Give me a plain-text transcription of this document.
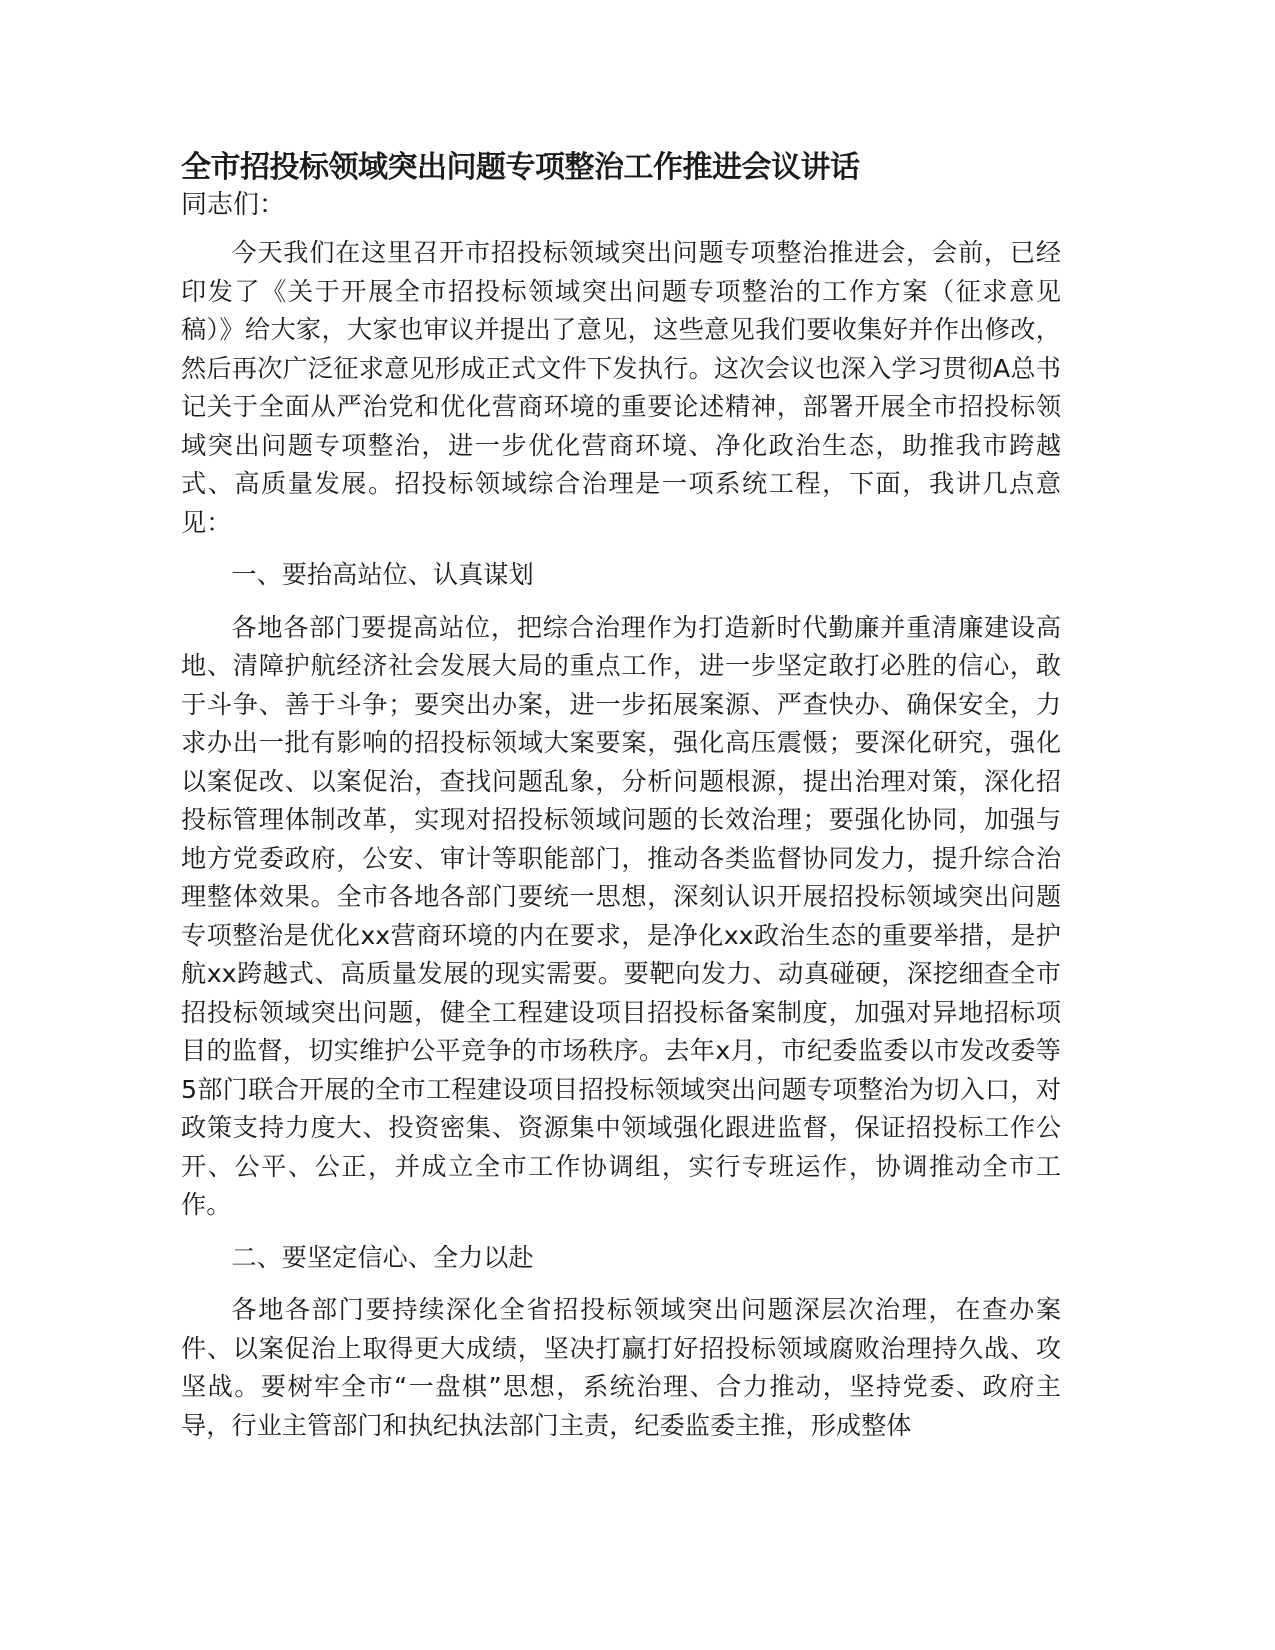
全市招投标领域突出问题专项整治工作推进会议讲话

同志们：

今天我们在这里召开市招投标领域突出问题专项整治推进会，会前，已经印发了《关于开展全市招投标领域突出问题专项整治的工作方案（征求意见稿）》给大家，大家也审议并提出了意见，这些意见我们要收集好并作出修改，然后再次广泛征求意见形成正式文件下发执行。这次会议也深入学习贯彻A总书记关于全面从严治党和优化营商环境的重要论述精神，部署开展全市招投标领域突出问题专项整治，进一步优化营商环境、净化政治生态，助推我市跨越式、高质量发展。招投标领域综合治理是一项系统工程，下面，我讲几点意见：

一、要抬高站位、认真谋划

各地各部门要提高站位，把综合治理作为打造新时代勤廉并重清廉建设高地、清障护航经济社会发展大局的重点工作，进一步坚定敢打必胜的信心，敢于斗争、善于斗争；要突出办案，进一步拓展案源、严查快办、确保安全，力求办出一批有影响的招投标领域大案要案，强化高压震慑；要深化研究，强化以案促改、以案促治，查找问题乱象，分析问题根源，提出治理对策，深化招投标管理体制改革，实现对招投标领域问题的长效治理；要强化协同，加强与地方党委政府，公安、审计等职能部门，推动各类监督协同发力，提升综合治理整体效果。全市各地各部门要统一思想，深刻认识开展招投标领域突出问题专项整治是优化xx营商环境的内在要求，是净化xx政治生态的重要举措，是护航xx跨越式、高质量发展的现实需要。要靶向发力、动真碰硬，深挖细查全市招投标领域突出问题，健全工程建设项目招投标备案制度，加强对异地招标项目的监督，切实维护公平竞争的市场秩序。去年x月，市纪委监委以市发改委等5部门联合开展的全市工程建设项目招投标领域突出问题专项整治为切入口，对政策支持力度大、投资密集、资源集中领域强化跟进监督，保证招投标工作公开、公平、公正，并成立全市工作协调组，实行专班运作，协调推动全市工作。

二、要坚定信心、全力以赴

各地各部门要持续深化全省招投标领域突出问题深层次治理，在查办案件、以案促治上取得更大成绩，坚决打赢打好招投标领域腐败治理持久战、攻坚战。要树牢全市“一盘棋”思想，系统治理、合力推动，坚持党委、政府主导，行业主管部门和执纪执法部门主责，纪委监委主推，形成整体
